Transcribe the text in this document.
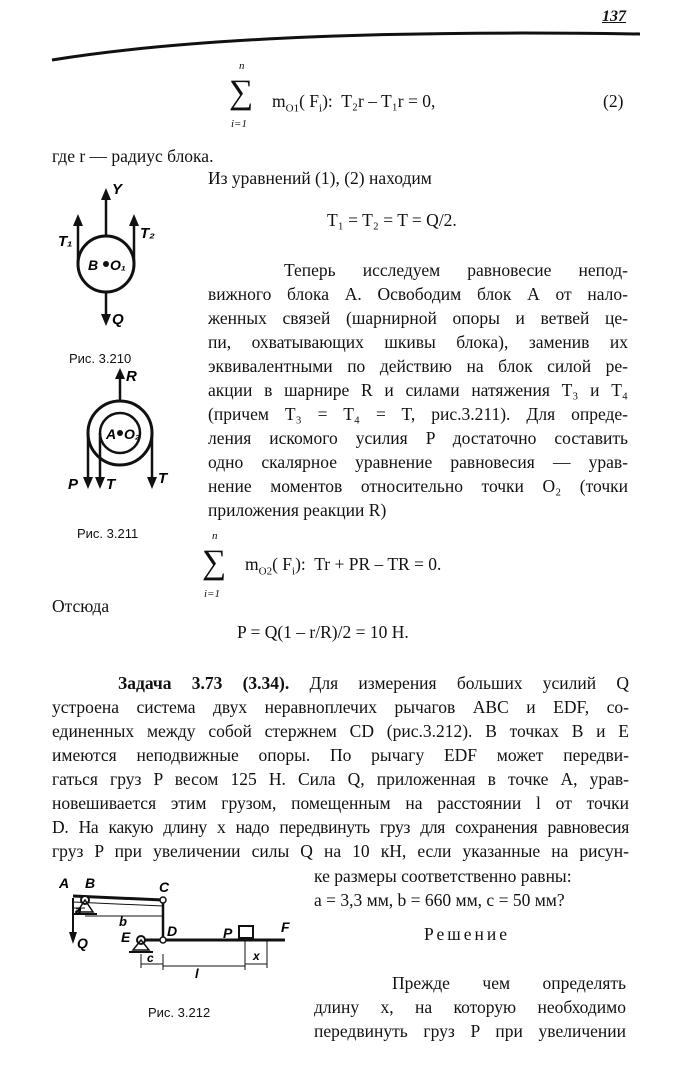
137
n
∑
i=1
$m_{O1}$( $F_i$): T₂r – T₁r = 0,	(2)
где r — радиус блока.
Из уравнений (1), (2) находим
T₁ = T₂ = T = Q/2.
Теперь исследуем равновесие непод-
вижного блока А. Освободим блок А от нало-
женных связей (шарнирной опоры и ветвей це-
пи, охватывающих шкивы блока), заменив их
эквивалентными по действию на блок силой ре-
акции в шарнире R и силами натяжения T₃ и T₄
(причем T₃ = T₄ = T, рис.3.211). Для опреде-
ления искомого усилия P достаточно составить
одно скалярное уравнение равновесия — урав-
нение моментов относительно точки O₂ (точки
приложения реакции R)
Y
T₁	T₂
B O₁
Q
Рис. 3.210
R
A O₂
P T	T
Рис. 3.211	n
∑
i=1
$m_{O2}$( $F_i$): Tr + PR – TR = 0.
Отсюда
P = Q(1 – r/R)/2 = 10 H.
Задача 3.73 (3.34). Для измерения больших усилий Q
устроена система двух неравноплечих рычагов ABC и EDF, со-
единенных между собой стержнем CD (рис.3.212). В точках B и E
имеются неподвижные опоры. По рычагу EDF может передви-
гаться груз P весом 125 H. Сила Q, приложенная в точке A, урав-
новешивается этим грузом, помещенным на расстоянии l от точки
D. На какую длину x надо передвинуть груз для сохранения равновесия
груз P при увеличении силы Q на 10 кН, если указанные на рисун-
ке размеры соответственно равны:
a = 3,3 мм, b = 660 мм, c = 50 мм?
A B	C
Q
a
b
E	D	P	F
c
l
x
Рис. 3.212
Решение
Прежде чем определять
длину x, на которую необходимо
передвинуть груз P при увеличении
